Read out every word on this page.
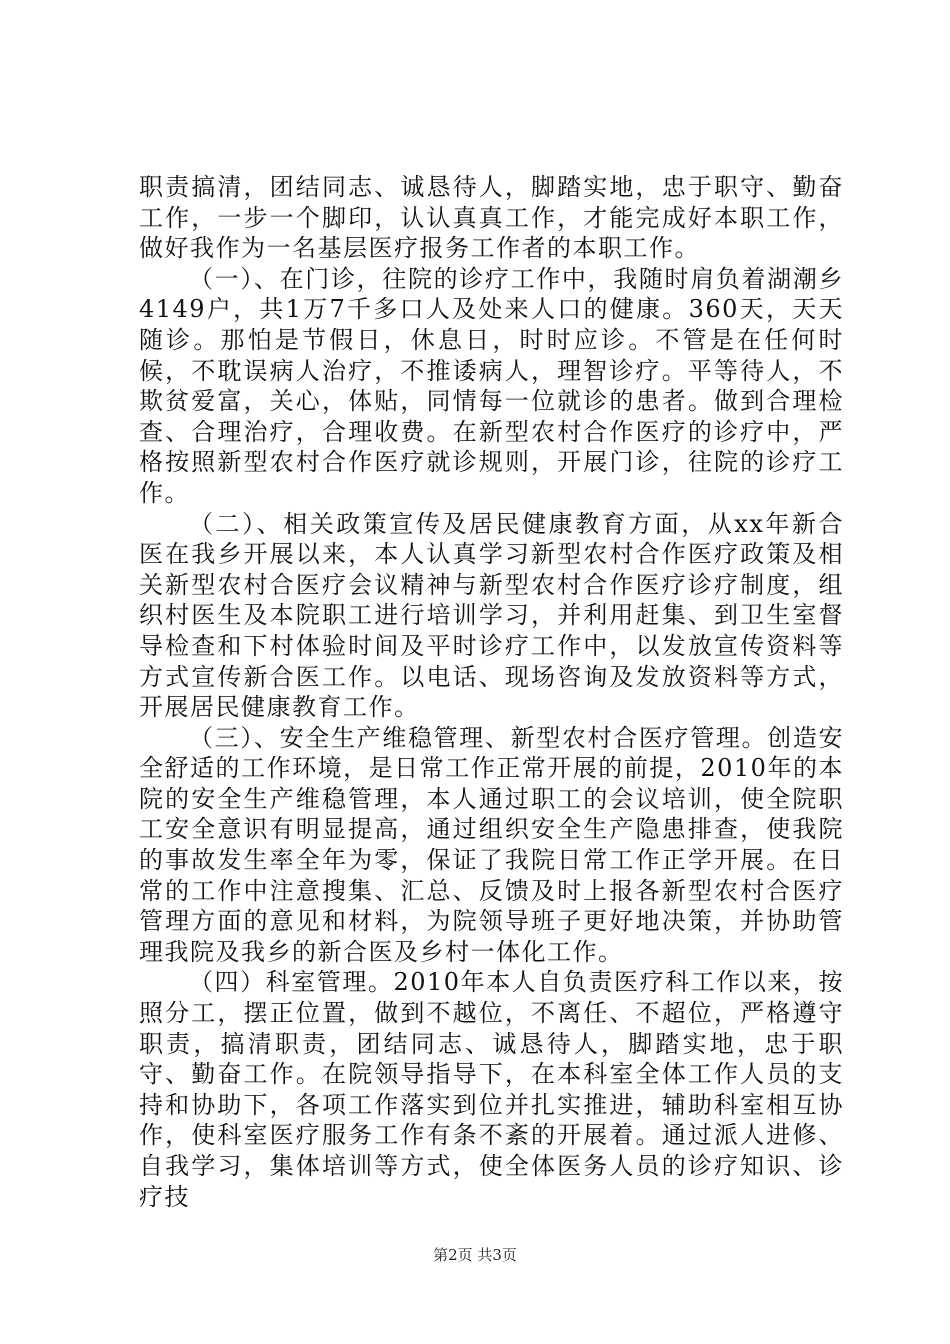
职责搞清，团结同志、诚恳待人，脚踏实地，忠于职守、勤奋工作，一步一个脚印，认认真真工作，才能完成好本职工作，做好我作为一名基层医疗报务工作者的本职工作。

（一）、在门诊，往院的诊疗工作中，我随时肩负着湖潮乡4149户，共1万7千多口人及处来人口的健康。360天，天天随诊。那怕是节假日，休息日，时时应诊。不管是在任何时候，不耽误病人治疗，不推诿病人，理智诊疗。平等待人，不欺贫爱富，关心，体贴，同情每一位就诊的患者。做到合理检查、合理治疗，合理收费。在新型农村合作医疗的诊疗中，严格按照新型农村合作医疗就诊规则，开展门诊，往院的诊疗工作。

（二）、相关政策宣传及居民健康教育方面，从xx年新合医在我乡开展以来，本人认真学习新型农村合作医疗政策及相关新型农村合医疗会议精神与新型农村合作医疗诊疗制度，组织村医生及本院职工进行培训学习，并利用赶集、到卫生室督导检查和下村体验时间及平时诊疗工作中，以发放宣传资料等方式宣传新合医工作。以电话、现场咨询及发放资料等方式，开展居民健康教育工作。

（三）、安全生产维稳管理、新型农村合医疗管理。创造安全舒适的工作环境，是日常工作正常开展的前提，2010年的本院的安全生产维稳管理，本人通过职工的会议培训，使全院职工安全意识有明显提高，通过组织安全生产隐患排查，使我院的事故发生率全年为零，保证了我院日常工作正学开展。在日常的工作中注意搜集、汇总、反馈及时上报各新型农村合医疗管理方面的意见和材料，为院领导班子更好地决策，并协助管理我院及我乡的新合医及乡村一体化工作。

（四）科室管理。2010年本人自负责医疗科工作以来，按照分工，摆正位置，做到不越位，不离任、不超位，严格遵守职责，搞清职责，团结同志、诚恳待人，脚踏实地，忠于职守、勤奋工作。在院领导指导下，在本科室全体工作人员的支持和协助下，各项工作落实到位并扎实推进，辅助科室相互协作，使科室医疗服务工作有条不紊的开展着。通过派人进修、自我学习，集体培训等方式，使全体医务人员的诊疗知识、诊疗技

第2页 共3页
